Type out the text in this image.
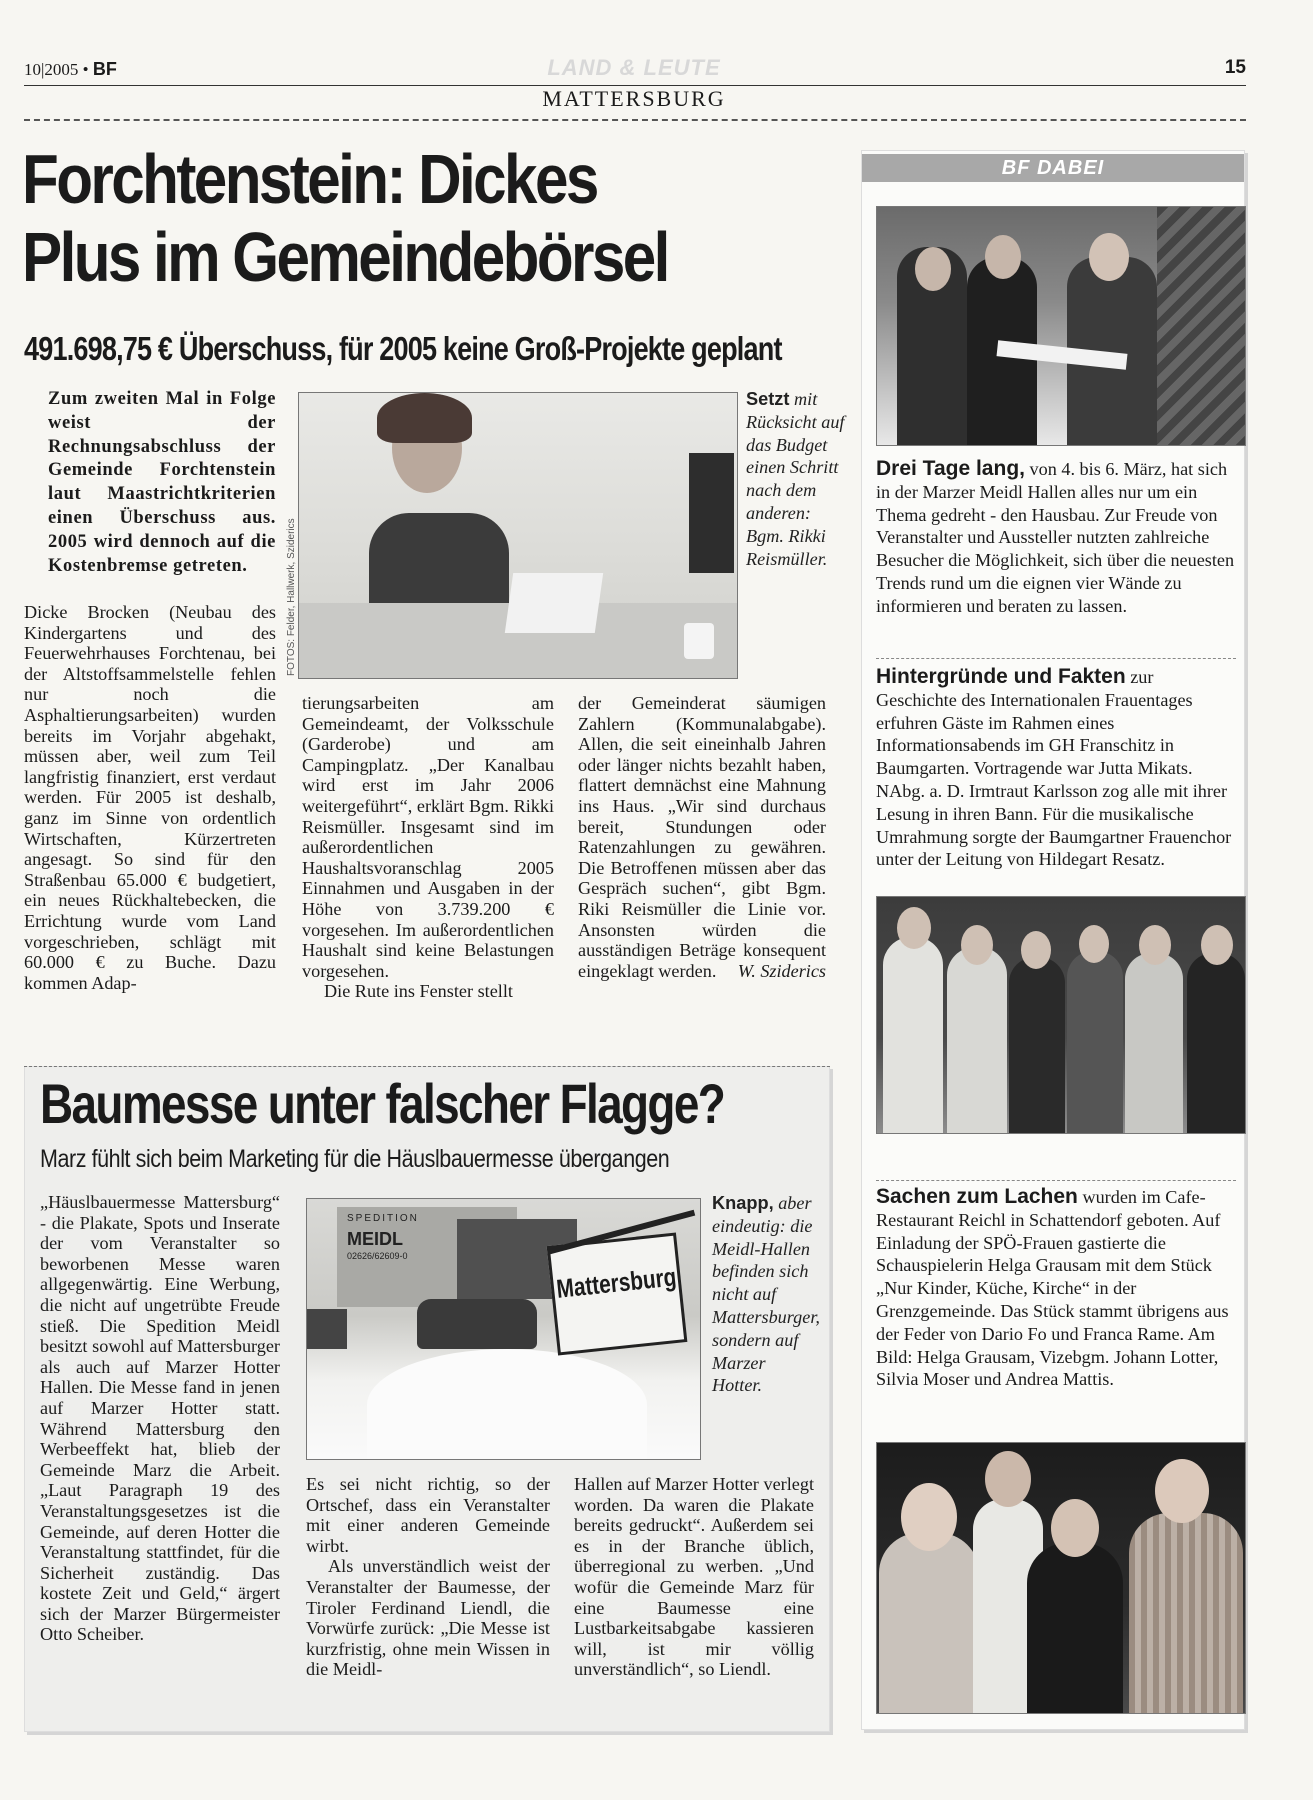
10|2005 • BF	LAND & LEUTE	15
MATTERSBURG
Forchtenstein: Dickes
Plus im Gemeindebörsel
491.698,75 € Überschuss, für 2005 keine Groß-Projekte geplant
Zum zweiten Mal in Folge weist der Rechnungsabschluss der Gemeinde Forchtenstein laut Maastrichtkriterien einen Überschuss aus. 2005 wird dennoch auf die Kostenbremse getreten.	FOTOS: Felder, Hallwerk, Sziderics
Setzt mit Rücksicht auf das Budget einen Schritt nach dem anderen: Bgm. Rikki Reismüller.
Dicke Brocken (Neubau des Kindergartens und des Feuerwehrhauses Forchtenau, bei der Altstoffsammelstelle fehlen nur noch die Asphaltierungsarbeiten) wurden bereits im Vorjahr abgehakt, müssen aber, weil zum Teil langfristig finanziert, erst verdaut werden. Für 2005 ist deshalb, ganz im Sinne von ordentlich Wirtschaften, Kürzertreten angesagt. So sind für den Straßenbau 65.000 € budgetiert, ein neues Rückhaltebecken, die Errichtung wurde vom Land vorgeschrieben, schlägt mit 60.000 € zu Buche. Dazu kommen Adap-

tierungsarbeiten am Gemeindeamt, der Volksschule (Garderobe) und am Campingplatz. „Der Kanalbau wird erst im Jahr 2006 weitergeführt“, erklärt Bgm. Rikki Reismüller. Insgesamt sind im außerordentlichen Haushaltsvoranschlag 2005 Einnahmen und Ausgaben in der Höhe von 3.739.200 € vorgesehen. Im außerordentlichen Haushalt sind keine Belastungen vorgesehen.

Die Rute ins Fenster stellt

der Gemeinderat säumigen Zahlern (Kommunalabgabe). Allen, die seit eineinhalb Jahren oder länger nichts bezahlt haben, flattert demnächst eine Mahnung ins Haus. „Wir sind durchaus bereit, Stundungen oder Ratenzahlungen zu gewähren. Die Betroffenen müssen aber das Gespräch suchen“, gibt Bgm. Riki Reismüller die Linie vor. Ansonsten würden die ausständigen Beträge konsequent eingeklagt werden. W. Sziderics
Baumesse unter falscher Flagge?
Marz fühlt sich beim Marketing für die Häuslbauermesse übergangen
„Häuslbauermesse Mattersburg“ - die Plakate, Spots und Inserate der vom Veranstalter so beworbenen Messe waren allgegenwärtig. Eine Werbung, die nicht auf ungetrübte Freude stieß. Die Spedition Meidl besitzt sowohl auf Mattersburger als auch auf Marzer Hotter Hallen. Die Messe fand in jenen auf Marzer Hotter statt. Während Mattersburg den Werbeeffekt hat, blieb der Gemeinde Marz die Arbeit. „Laut Paragraph 19 des Veranstaltungsgesetzes ist die Gemeinde, auf deren Hotter die Veranstaltung stattfindet, für die Sicherheit zuständig. Das kostete Zeit und Geld,“ ärgert sich der Marzer Bürgermeister Otto Scheiber.
SPEDITION
MEIDL
02626/62609-0
Mattersburg
Knapp, aber eindeutig: die Meidl-Hallen befinden sich nicht auf Mattersburger, sondern auf Marzer Hotter.

Es sei nicht richtig, so der Ortschef, dass ein Veranstalter mit einer anderen Gemeinde wirbt.

Als unverständlich weist der Veranstalter der Baumesse, der Tiroler Ferdinand Liendl, die Vorwürfe zurück: „Die Messe ist kurzfristig, ohne mein Wissen in die Meidl-

Hallen auf Marzer Hotter verlegt worden. Da waren die Plakate bereits gedruckt“. Außerdem sei es in der Branche üblich, überregional zu werben. „Und wofür die Gemeinde Marz für eine Baumesse eine Lustbarkeitsabgabe kassieren will, ist mir völlig unverständlich“, so Liendl.
BF DABEI

Drei Tage lang, von 4. bis 6. März, hat sich in der Marzer Meidl Hallen alles nur um ein Thema gedreht - den Hausbau. Zur Freude von Veranstalter und Aussteller nutzten zahlreiche Besucher die Möglichkeit, sich über die neuesten Trends rund um die eignen vier Wände zu informieren und beraten zu lassen.

Hintergründe und Fakten zur Geschichte des Internationalen Frauentages erfuhren Gäste im Rahmen eines Informationsabends im GH Franschitz in Baumgarten. Vortragende war Jutta Mikats. NAbg. a. D. Irmtraut Karlsson zog alle mit ihrer Lesung in ihren Bann. Für die musikalische Umrahmung sorgte der Baumgartner Frauenchor unter der Leitung von Hildegart Resatz.

Sachen zum Lachen wurden im Cafe-Restaurant Reichl in Schattendorf geboten. Auf Einladung der SPÖ-Frauen gastierte die Schauspielerin Helga Grausam mit dem Stück „Nur Kinder, Küche, Kirche“ in der Grenzgemeinde. Das Stück stammt übrigens aus der Feder von Dario Fo und Franca Rame. Am Bild: Helga Grausam, Vizebgm. Johann Lotter, Silvia Moser und Andrea Mattis.
